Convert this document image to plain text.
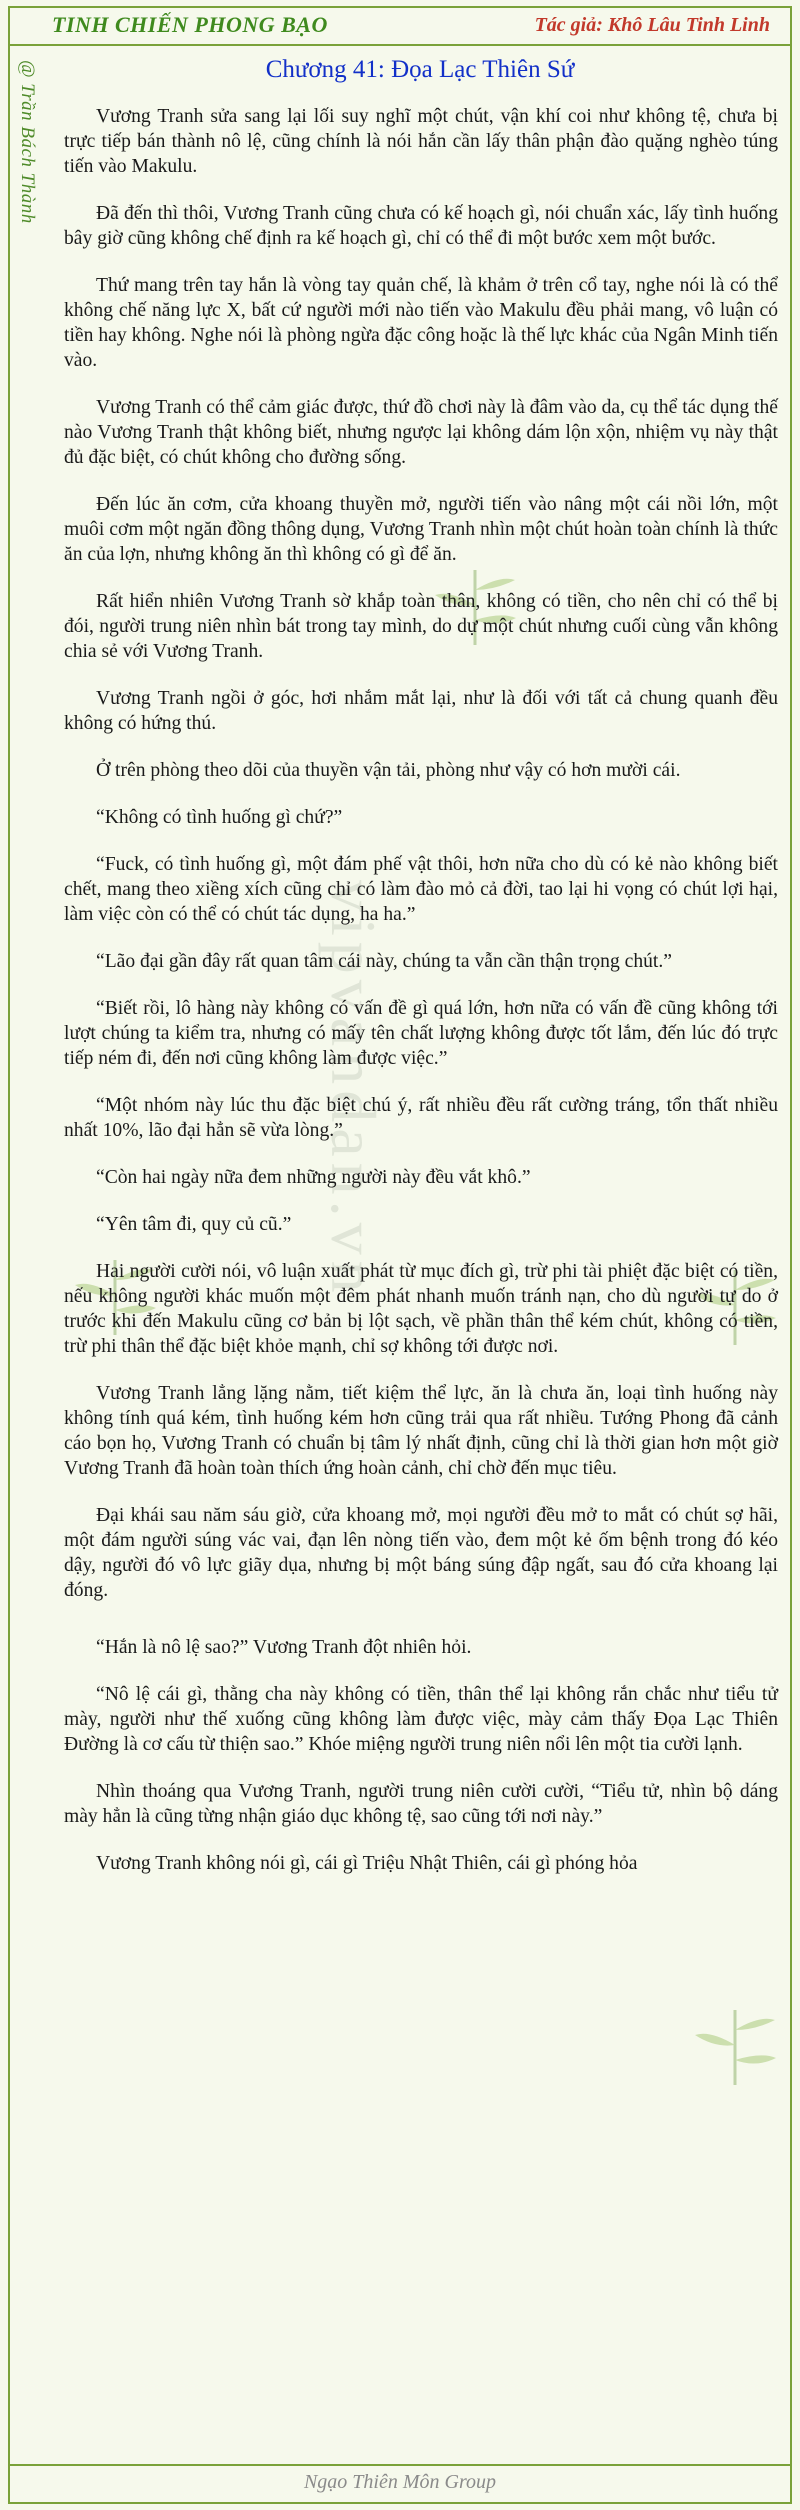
TINH CHIẾN PHONG BẠO	Tác giả: Khô Lâu Tinh Linh
@ Trần Bách Thành
vipvandan.vn
Chương 41: Đọa Lạc Thiên Sứ

Vương Tranh sửa sang lại lối suy nghĩ một chút, vận khí coi như không tệ, chưa bị trực tiếp bán thành nô lệ, cũng chính là nói hắn cần lấy thân phận đào quặng nghèo túng tiến vào Makulu.

Đã đến thì thôi, Vương Tranh cũng chưa có kế hoạch gì, nói chuẩn xác, lấy tình huống bây giờ cũng không chế định ra kế hoạch gì, chỉ có thể đi một bước xem một bước.

Thứ mang trên tay hắn là vòng tay quản chế, là khảm ở trên cổ tay, nghe nói là có thể không chế năng lực X, bất cứ người mới nào tiến vào Makulu đều phải mang, vô luận có tiền hay không. Nghe nói là phòng ngừa đặc công hoặc là thế lực khác của Ngân Minh tiến vào.

Vương Tranh có thể cảm giác được, thứ đồ chơi này là đâm vào da, cụ thể tác dụng thế nào Vương Tranh thật không biết, nhưng ngược lại không dám lộn xộn, nhiệm vụ này thật đủ đặc biệt, có chút không cho đường sống.

Đến lúc ăn cơm, cửa khoang thuyền mở, người tiến vào nâng một cái nồi lớn, một muôi cơm một ngăn đồng thông dụng, Vương Tranh nhìn một chút hoàn toàn chính là thức ăn của lợn, nhưng không ăn thì không có gì để ăn.

Rất hiển nhiên Vương Tranh sờ khắp toàn thân, không có tiền, cho nên chỉ có thể bị đói, người trung niên nhìn bát trong tay mình, do dự một chút nhưng cuối cùng vẫn không chia sẻ với Vương Tranh.

Vương Tranh ngồi ở góc, hơi nhắm mắt lại, như là đối với tất cả chung quanh đều không có hứng thú.

Ở trên phòng theo dõi của thuyền vận tải, phòng như vậy có hơn mười cái.

“Không có tình huống gì chứ?”

“Fuck, có tình huống gì, một đám phế vật thôi, hơn nữa cho dù có kẻ nào không biết chết, mang theo xiềng xích cũng chỉ có làm đào mỏ cả đời, tao lại hi vọng có chút lợi hại, làm việc còn có thể có chút tác dụng, ha ha.”

“Lão đại gần đây rất quan tâm cái này, chúng ta vẫn cần thận trọng chút.”

“Biết rồi, lô hàng này không có vấn đề gì quá lớn, hơn nữa có vấn đề cũng không tới lượt chúng ta kiểm tra, nhưng có mấy tên chất lượng không được tốt lắm, đến lúc đó trực tiếp ném đi, đến nơi cũng không làm được việc.”

“Một nhóm này lúc thu đặc biệt chú ý, rất nhiều đều rất cường tráng, tổn thất nhiều nhất 10%, lão đại hẳn sẽ vừa lòng.”

“Còn hai ngày nữa đem những người này đều vắt khô.”

“Yên tâm đi, quy củ cũ.”

Hai người cười nói, vô luận xuất phát từ mục đích gì, trừ phi tài phiệt đặc biệt có tiền, nếu không người khác muốn một đêm phát nhanh muốn tránh nạn, cho dù người tự do ở trước khi đến Makulu cũng cơ bản bị lột sạch, về phần thân thể kém chút, không có tiền, trừ phi thân thể đặc biệt khỏe mạnh, chỉ sợ không tới được nơi.

Vương Tranh lẳng lặng nằm, tiết kiệm thể lực, ăn là chưa ăn, loại tình huống này không tính quá kém, tình huống kém hơn cũng trải qua rất nhiều. Tướng Phong đã cảnh cáo bọn họ, Vương Tranh có chuẩn bị tâm lý nhất định, cũng chỉ là thời gian hơn một giờ Vương Tranh đã hoàn toàn thích ứng hoàn cảnh, chỉ chờ đến mục tiêu.

Đại khái sau năm sáu giờ, cửa khoang mở, mọi người đều mở to mắt có chút sợ hãi, một đám người súng vác vai, đạn lên nòng tiến vào, đem một kẻ ốm bệnh trong đó kéo dậy, người đó vô lực giãy dụa, nhưng bị một báng súng đập ngất, sau đó cửa khoang lại đóng.

“Hắn là nô lệ sao?” Vương Tranh đột nhiên hỏi.

“Nô lệ cái gì, thằng cha này không có tiền, thân thể lại không rắn chắc như tiểu tử mày, người như thế xuống cũng không làm được việc, mày cảm thấy Đọa Lạc Thiên Đường là cơ cấu từ thiện sao.” Khóe miệng người trung niên nổi lên một tia cười lạnh.

Nhìn thoáng qua Vương Tranh, người trung niên cười cười, “Tiểu tử, nhìn bộ dáng mày hẳn là cũng từng nhận giáo dục không tệ, sao cũng tới nơi này.”

Vương Tranh không nói gì, cái gì Triệu Nhật Thiên, cái gì phóng hỏa

Ngạo Thiên Môn Group
